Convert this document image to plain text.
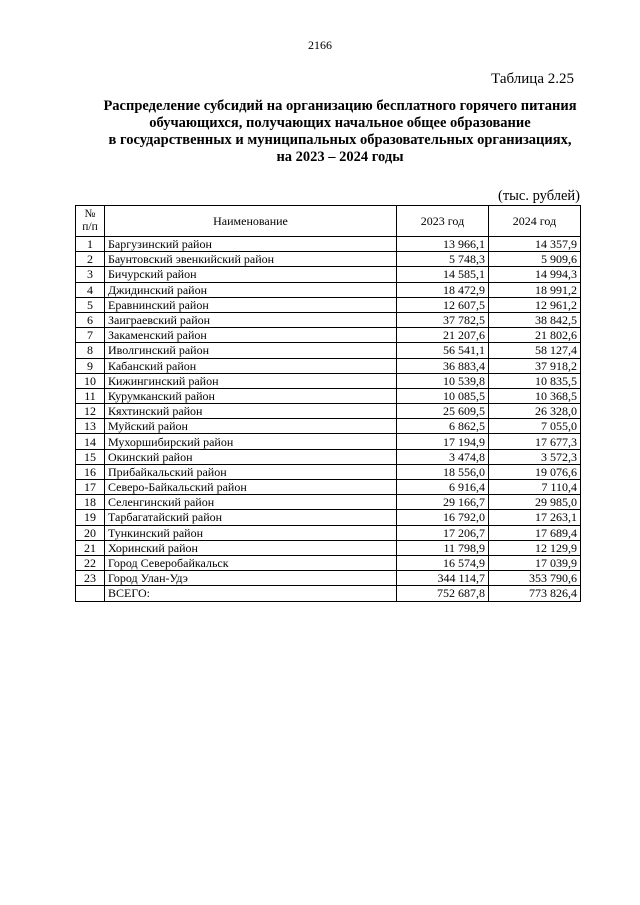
2166
Таблица 2.25
Распределение субсидий на организацию бесплатного горячего питания
обучающихся, получающих начальное общее образование
в государственных и муниципальных образовательных организациях,
на 2023 – 2024 годы
(тыс. рублей)
№
п/п	Наименование	2023 год	2024 год
1	Баргузинский район	13 966,1	14 357,9
2	Баунтовский эвенкийский район	5 748,3	5 909,6
3	Бичурский район	14 585,1	14 994,3
4	Джидинский район	18 472,9	18 991,2
5	Еравнинский район	12 607,5	12 961,2
6	Заиграевский район	37 782,5	38 842,5
7	Закаменский район	21 207,6	21 802,6
8	Иволгинский район	56 541,1	58 127,4
9	Кабанский район	36 883,4	37 918,2
10	Кижингинский район	10 539,8	10 835,5
11	Курумканский район	10 085,5	10 368,5
12	Кяхтинский район	25 609,5	26 328,0
13	Муйский район	6 862,5	7 055,0
14	Мухоршибирский район	17 194,9	17 677,3
15	Окинский район	3 474,8	3 572,3
16	Прибайкальский район	18 556,0	19 076,6
17	Северо-Байкальский район	6 916,4	7 110,4
18	Селенгинский район	29 166,7	29 985,0
19	Тарбагатайский район	16 792,0	17 263,1
20	Тункинский район	17 206,7	17 689,4
21	Хоринский район	11 798,9	12 129,9
22	Город Северобайкальск	16 574,9	17 039,9
23	Город Улан-Удэ	344 114,7	353 790,6
	ВСЕГО:	752 687,8	773 826,4
